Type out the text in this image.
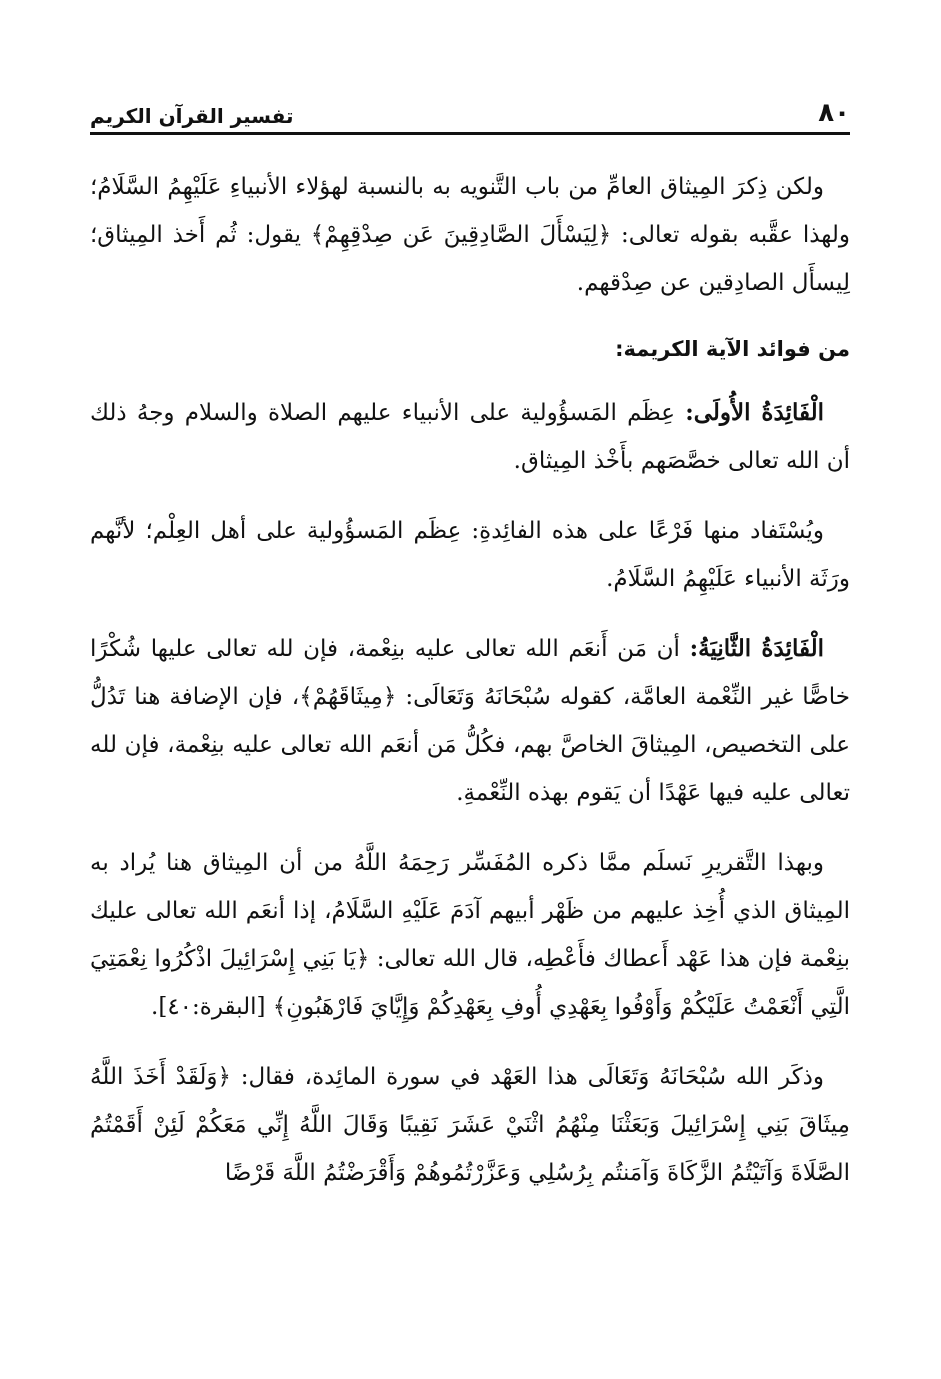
٨٠
تفسير القرآن الكريم

ولكن ذِكرَ المِيثاق العامِّ من باب التَّنويه به بالنسبة لهؤلاء الأنبياءِ عَلَيْهِمُ السَّلَامُ؛ ولهذا عقَّبه بقوله تعالى: ﴿لِيَسْأَلَ الصَّادِقِينَ عَن صِدْقِهِمْ﴾ يقول: ثُم أَخذ المِيثاق؛ لِيسأَل الصادِقين عن صِدْقهم.

من فوائد الآية الكريمة:

الْفَائِدَةُ الأُولَى: عِظَم المَسؤُولية على الأنبياء عليهم الصلاة والسلام وجهُ ذلك أن الله تعالى خصَّصَهم بأَخْذ المِيثاق.

ويُسْتَفاد منها فَرْعًا على هذه الفائِدةِ: عِظَم المَسؤُولية على أهل العِلْم؛ لأنَّهم ورَثَة الأنبياء عَلَيْهِمُ السَّلَامُ.

الْفَائِدَةُ الثَّانِيَةُ: أن مَن أَنعَم الله تعالى عليه بنِعْمة، فإن لله تعالى عليها شُكْرًا خاصًّا غير النِّعْمة العامَّة، كقوله سُبْحَانَهُ وَتَعَالَى: ﴿مِيثَاقَهُمْ﴾، فإن الإضافة هنا تَدُلُّ على التخصيص، المِيثاقَ الخاصَّ بهم، فكُلُّ مَن أنعَم الله تعالى عليه بنِعْمة، فإن لله تعالى عليه فيها عَهْدًا أن يَقوم بهذه النِّعْمةِ.

وبهذا التَّقريرِ نَسلَم ممَّا ذكره المُفَسِّر رَحِمَهُ اللَّهُ من أن المِيثاق هنا يُراد به المِيثاق الذي أُخِذ عليهم من ظَهْر أبيهم آدَمَ عَلَيْهِ السَّلَامُ، إذا أنعَم الله تعالى عليك بنِعْمة فإن هذا عَهْد أَعطاك فأَعْطِه، قال الله تعالى: ﴿يَا بَنِي إِسْرَائِيلَ اذْكُرُوا نِعْمَتِيَ الَّتِي أَنْعَمْتُ عَلَيْكُمْ وَأَوْفُوا بِعَهْدِي أُوفِ بِعَهْدِكُمْ وَإِيَّايَ فَارْهَبُونِ﴾ [البقرة:٤٠].

وذكَر الله سُبْحَانَهُ وَتَعَالَى هذا العَهْد في سورة المائِدة، فقال: ﴿وَلَقَدْ أَخَذَ اللَّهُ مِيثَاقَ بَنِي إِسْرَائِيلَ وَبَعَثْنَا مِنْهُمُ اثْنَيْ عَشَرَ نَقِيبًا وَقَالَ اللَّهُ إِنِّي مَعَكُمْ لَئِنْ أَقَمْتُمُ الصَّلَاةَ وَآتَيْتُمُ الزَّكَاةَ وَآمَنتُم بِرُسُلِي وَعَزَّرْتُمُوهُمْ وَأَقْرَضْتُمُ اللَّهَ قَرْضًا
